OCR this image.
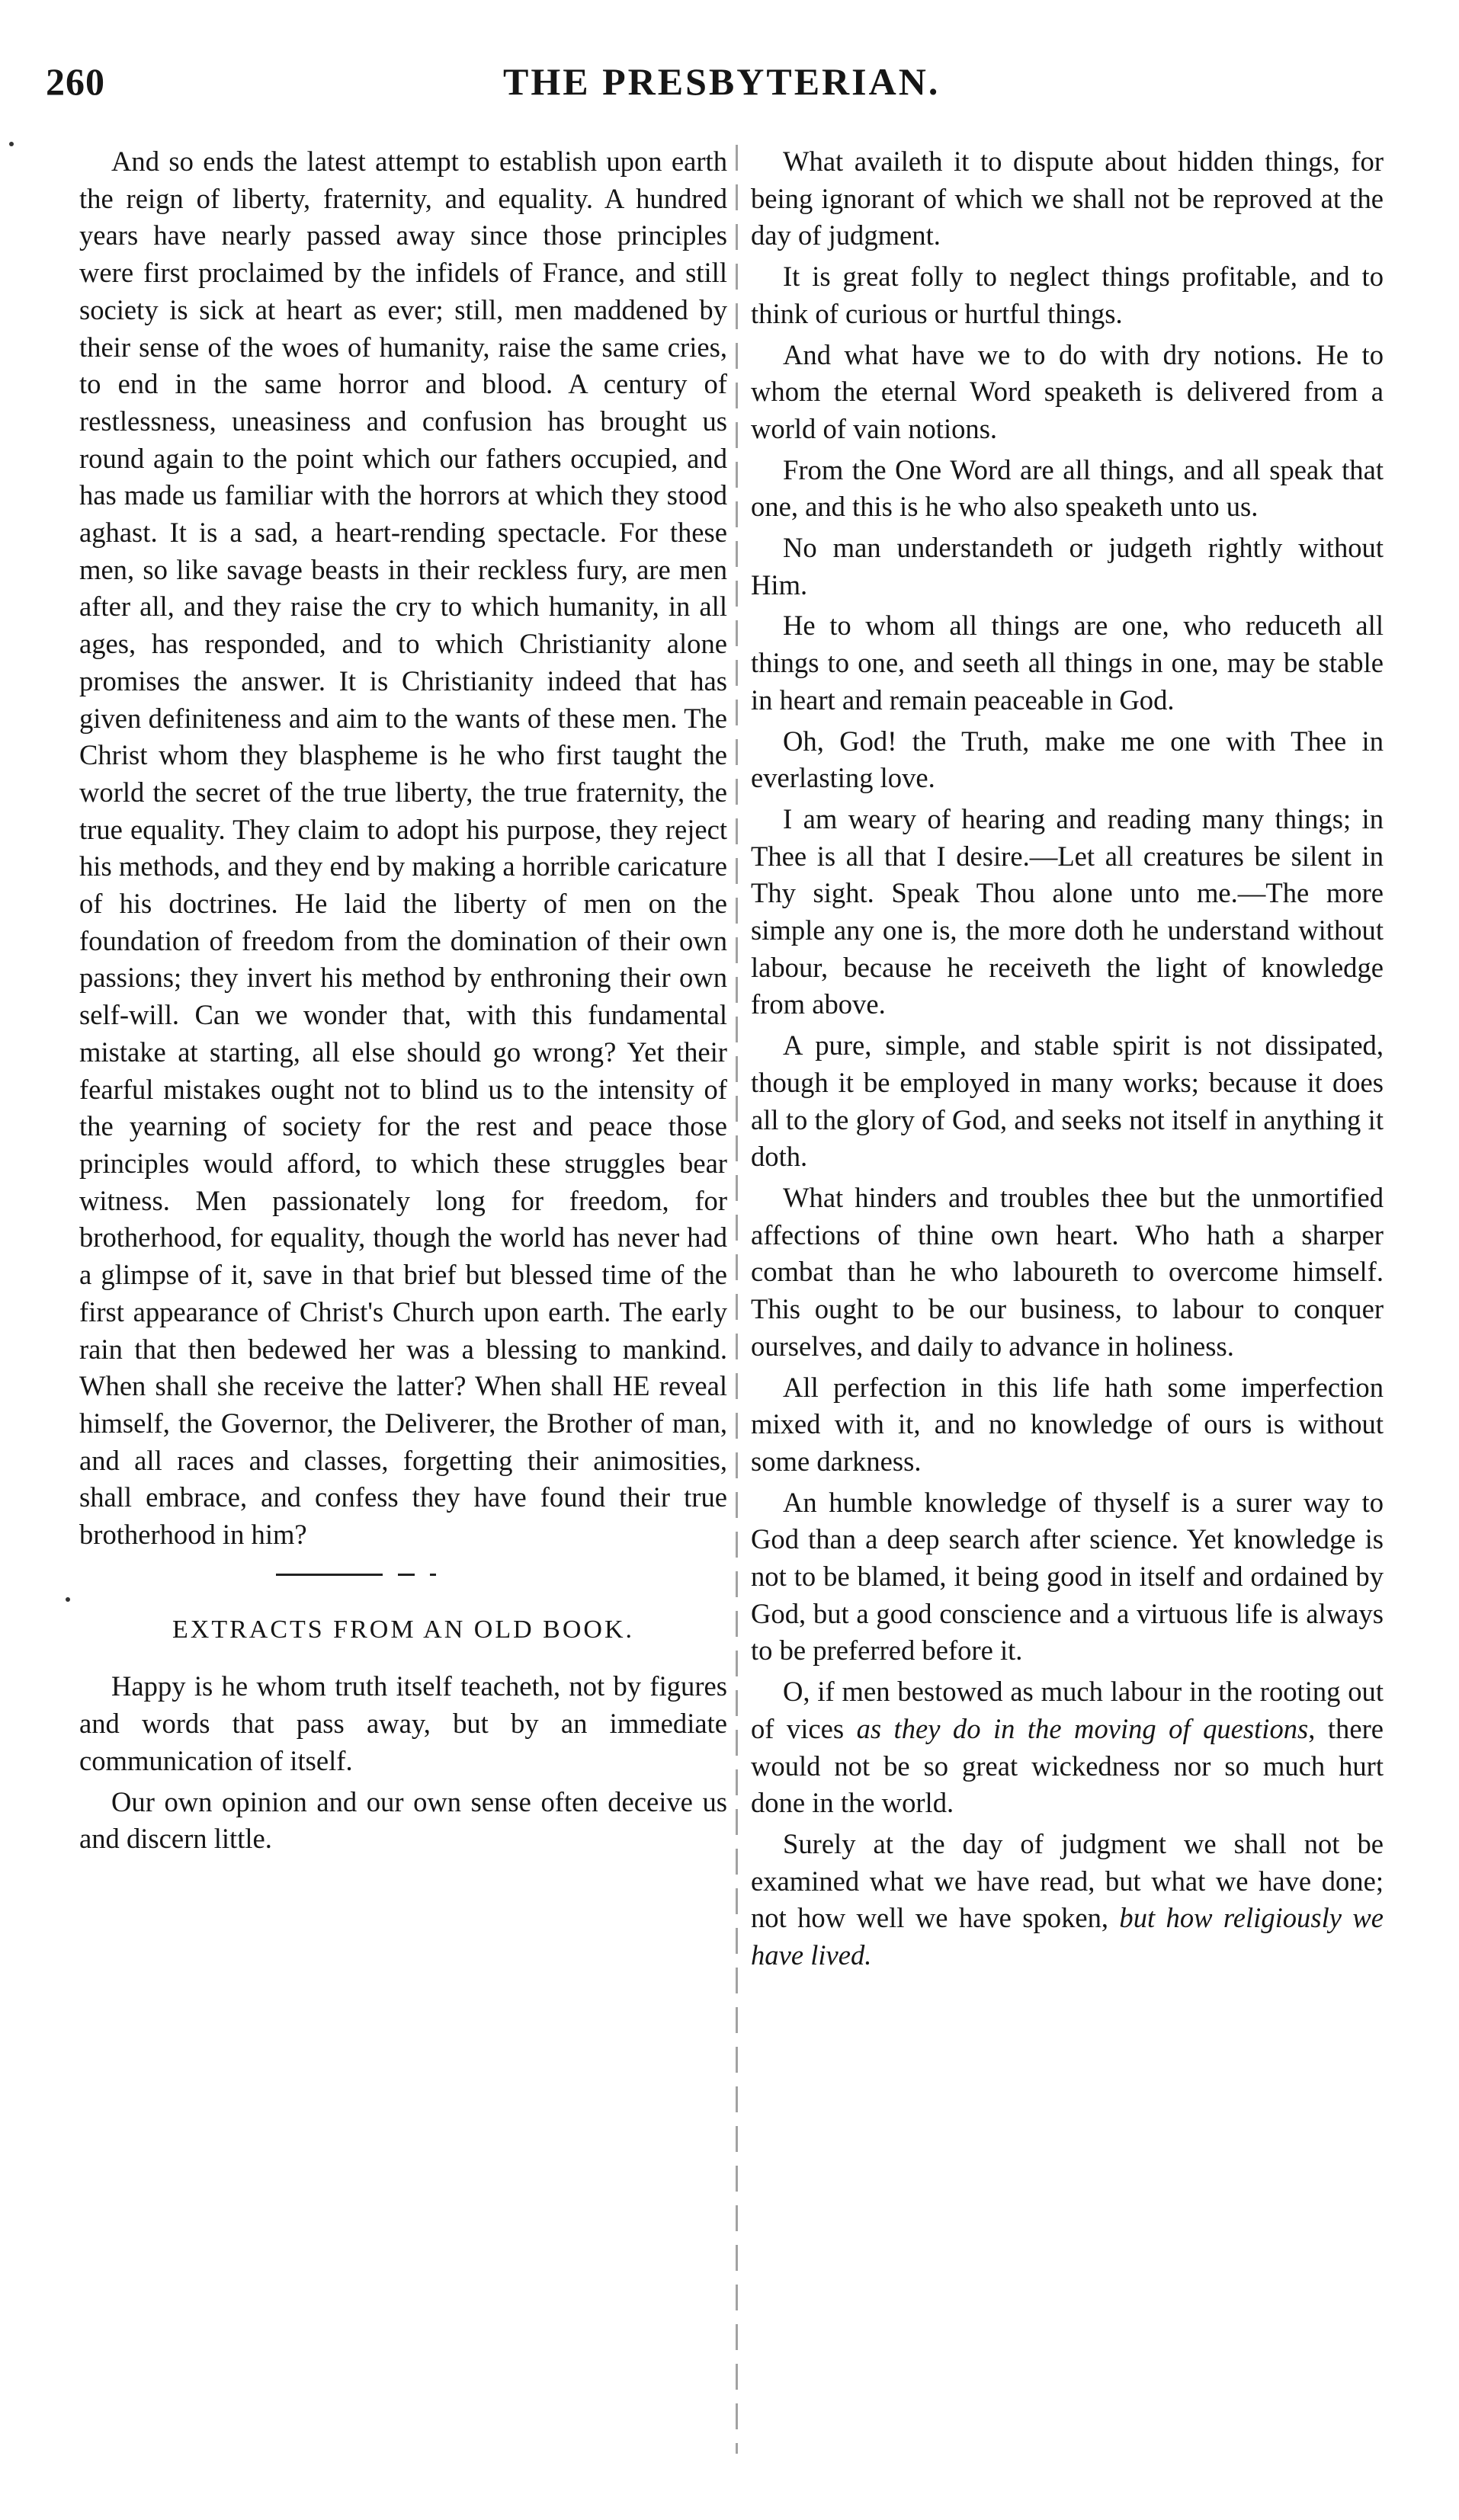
260	THE PRESBYTERIAN.

And so ends the latest attempt to establish upon earth the reign of liberty, fraternity, and equality. A hundred years have nearly passed away since those principles were first proclaimed by the infidels of France, and still society is sick at heart as ever; still, men maddened by their sense of the woes of humanity, raise the same cries, to end in the same horror and blood. A century of restlessness, uneasiness and confusion has brought us round again to the point which our fathers occupied, and has made us familiar with the horrors at which they stood aghast. It is a sad, a heart-rending spectacle. For these men, so like savage beasts in their reckless fury, are men after all, and they raise the cry to which humanity, in all ages, has responded, and to which Christianity alone promises the answer. It is Christianity indeed that has given definiteness and aim to the wants of these men. The Christ whom they blaspheme is he who first taught the world the secret of the true liberty, the true fraternity, the true equality. They claim to adopt his purpose, they reject his methods, and they end by making a horrible caricature of his doctrines. He laid the liberty of men on the foundation of freedom from the domination of their own passions; they invert his method by enthroning their own self-will. Can we wonder that, with this fundamental mistake at starting, all else should go wrong? Yet their fearful mistakes ought not to blind us to the intensity of the yearning of society for the rest and peace those principles would afford, to which these struggles bear witness. Men passionately long for freedom, for brotherhood, for equality, though the world has never had a glimpse of it, save in that brief but blessed time of the first appearance of Christ's Church upon earth. The early rain that then bedewed her was a blessing to mankind. When shall she receive the latter? When shall HE reveal himself, the Governor, the Deliverer, the Brother of man, and all races and classes, forgetting their animosities, shall embrace, and confess they have found their true brotherhood in him?

EXTRACTS FROM AN OLD BOOK.

Happy is he whom truth itself teacheth, not by figures and words that pass away, but by an immediate communication of itself.

Our own opinion and our own sense often deceive us and discern little.

What availeth it to dispute about hidden things, for being ignorant of which we shall not be reproved at the day of judgment.

It is great folly to neglect things profitable, and to think of curious or hurtful things.

And what have we to do with dry notions. He to whom the eternal Word speaketh is delivered from a world of vain notions.

From the One Word are all things, and all speak that one, and this is he who also speaketh unto us.

No man understandeth or judgeth rightly without Him.

He to whom all things are one, who reduceth all things to one, and seeth all things in one, may be stable in heart and remain peaceable in God.

Oh, God! the Truth, make me one with Thee in everlasting love.

I am weary of hearing and reading many things; in Thee is all that I desire.—Let all creatures be silent in Thy sight. Speak Thou alone unto me.—The more simple any one is, the more doth he understand without labour, because he receiveth the light of knowledge from above.

A pure, simple, and stable spirit is not dissipated, though it be employed in many works; because it does all to the glory of God, and seeks not itself in anything it doth.

What hinders and troubles thee but the unmortified affections of thine own heart. Who hath a sharper combat than he who laboureth to overcome himself. This ought to be our business, to labour to conquer ourselves, and daily to advance in holiness.

All perfection in this life hath some imperfection mixed with it, and no knowledge of ours is without some darkness.

An humble knowledge of thyself is a surer way to God than a deep search after science. Yet knowledge is not to be blamed, it being good in itself and ordained by God, but a good conscience and a virtuous life is always to be preferred before it.

O, if men bestowed as much labour in the rooting out of vices as they do in the moving of questions, there would not be so great wickedness nor so much hurt done in the world.

Surely at the day of judgment we shall not be examined what we have read, but what we have done; not how well we have spoken, but how religiously we have lived.
